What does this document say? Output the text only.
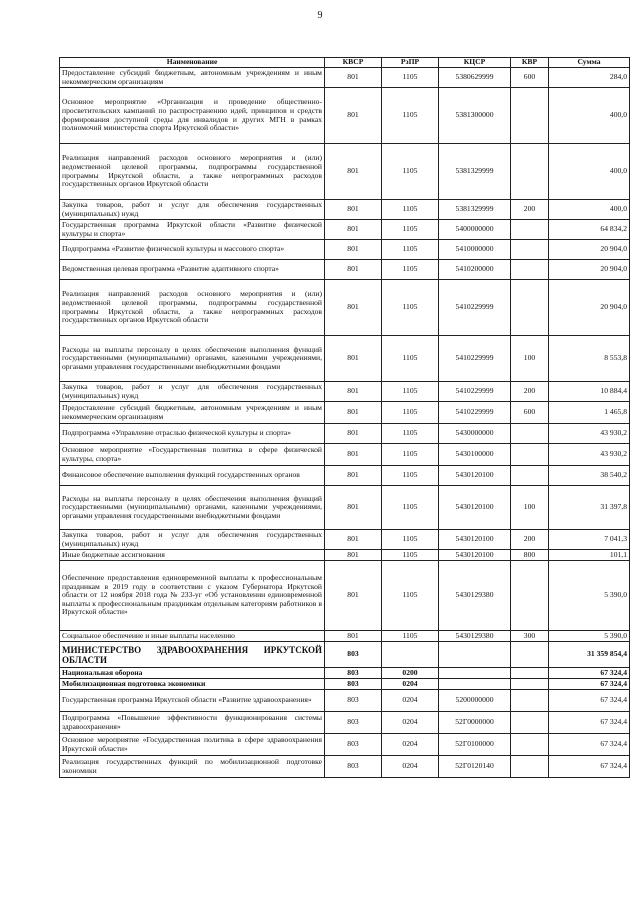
9
Наименование	КВСР	РзПР	КЦСР	КВР	Сумма
Предоставление субсидий бюджетным, автономным учреждениям и иным некоммерческим организациям	801	1105	5380629999	600	284,0
Основное мероприятие «Организация и проведение общественно-просветительских кампаний по распространению идей, принципов и средств формирования доступной среды для инвалидов и других МГН в рамках полномочий министерства спорта Иркутской области»	801	1105	5381300000		400,0
Реализация направлений расходов основного мероприятия и (или) ведомственной целевой программы, подпрограммы государственной программы Иркутской области, а также непрограммных расходов государственных органов Иркутской области	801	1105	5381329999		400,0
Закупка товаров, работ и услуг для обеспечения государственных (муниципальных) нужд	801	1105	5381329999	200	400,0
Государственная программа Иркутской области «Развитие физической культуры и спорта»	801	1105	5400000000		64 834,2
Подпрограмма «Развитие физической культуры и массового спорта»	801	1105	5410000000		20 904,0
Ведомственная целевая программа «Развитие адаптивного спорта»	801	1105	5410200000		20 904,0
Реализация направлений расходов основного мероприятия и (или) ведомственной целевой программы, подпрограммы государственной программы Иркутской области, а также непрограммных расходов государственных органов Иркутской области	801	1105	5410229999		20 904,0
Расходы на выплаты персоналу в целях обеспечения выполнения функций государственными (муниципальными) органами, казенными учреждениями, органами управления государственными внебюджетными фондами	801	1105	5410229999	100	8 553,8
Закупка товаров, работ и услуг для обеспечения государственных (муниципальных) нужд	801	1105	5410229999	200	10 884,4
Предоставление субсидий бюджетным, автономным учреждениям и иным некоммерческим организациям	801	1105	5410229999	600	1 465,8
Подпрограмма «Управление отраслью физической культуры и спорта»	801	1105	5430000000		43 930,2
Основное мероприятие «Государственная политика в сфере физической культуры, спорта»	801	1105	5430100000		43 930,2
Финансовое обеспечение выполнения функций государственных органов	801	1105	5430120100		38 540,2
Расходы на выплаты персоналу в целях обеспечения выполнения функций государственными (муниципальными) органами, казенными учреждениями, органами управления государственными внебюджетными фондами	801	1105	5430120100	100	31 397,8
Закупка товаров, работ и услуг для обеспечения государственных (муниципальных) нужд	801	1105	5430120100	200	7 041,3
Иные бюджетные ассигнования	801	1105	5430120100	800	101,1
Обеспечение предоставления единовременной выплаты к профессиональным праздникам в 2019 году в соответствии с указом Губернатора Иркутской области от 12 ноября 2018 года № 233-уг «Об установлении единовременной выплаты к профессиональным праздникам отдельным категориям работников в Иркутской области»	801	1105	5430129380		5 390,0
Социальное обеспечение и иные выплаты населению	801	1105	5430129380	300	5 390,0
МИНИСТЕРСТВО ЗДРАВООХРАНЕНИЯ ИРКУТСКОЙ ОБЛАСТИ	803				31 359 854,4
Национальная оборона	803	0200			67 324,4
Мобилизационная подготовка экономики	803	0204			67 324,4
Государственная программа Иркутской области «Развитие здравоохранения»	803	0204	5200000000		67 324,4
Подпрограмма «Повышение эффективности функционирования системы здравоохранения»	803	0204	52Г0000000		67 324,4
Основное мероприятие «Государственная политика в сфере здравоохранения Иркутской области»	803	0204	52Г0100000		67 324,4
Реализация государственных функций по мобилизационной подготовке экономики	803	0204	52Г0120140		67 324,4
